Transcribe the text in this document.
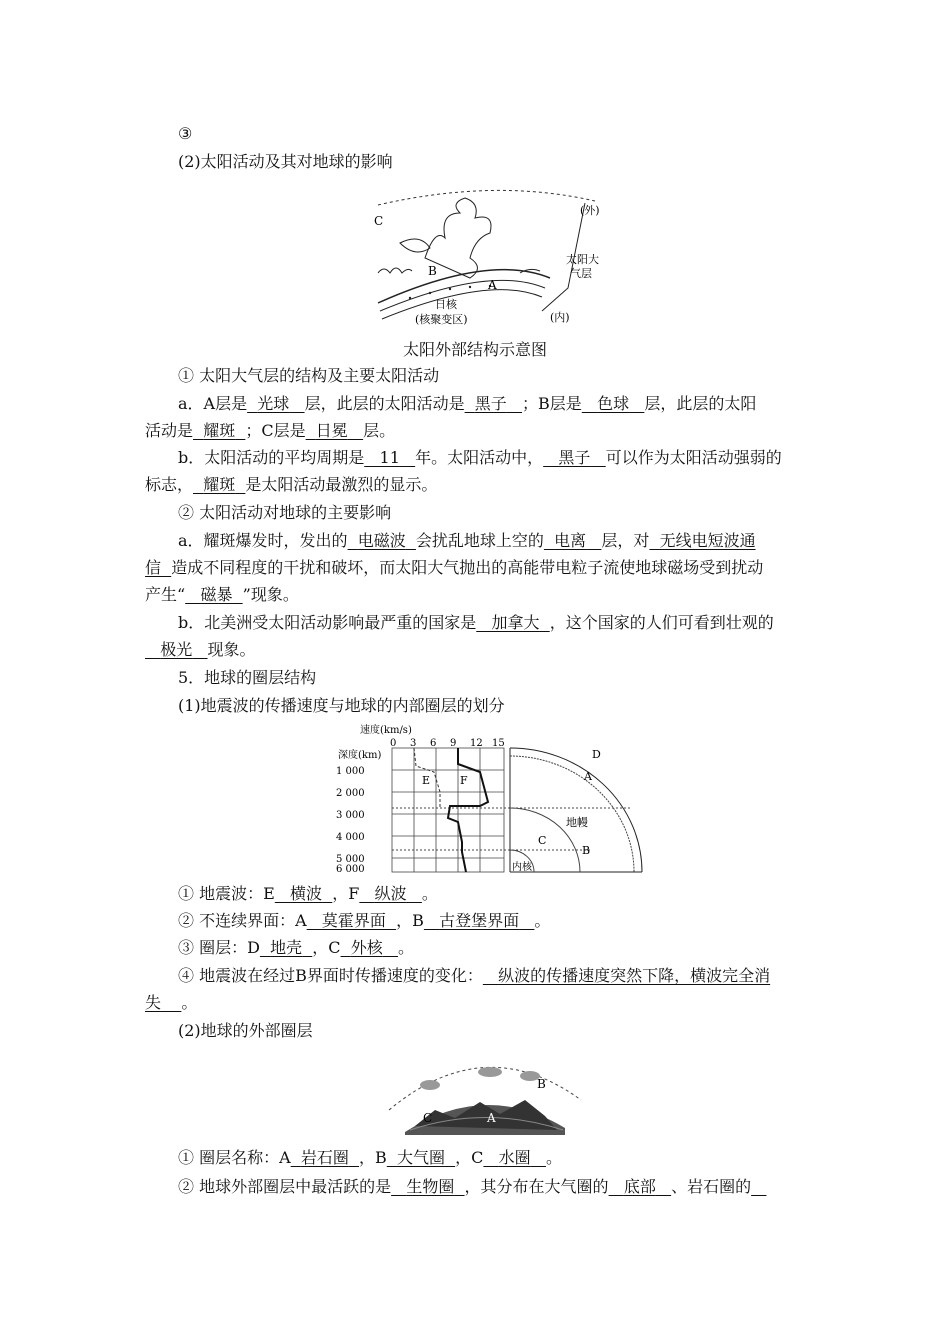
③
(2)太阳活动及其对地球的影响
C
B
A
(外)
太阳大
气层
(内)
日核
(核聚变区)
太阳外部结构示意图
① 太阳大气层的结构及主要太阳活动
a．A层是 光球 层，此层的太阳活动是 黑子 ；B层是 色球 层，此层的太阳
活动是 耀斑 ；C层是 日冕 层。
b．太阳活动的平均周期是 11 年。太阳活动中， 黑子 可以作为太阳活动强弱的
标志， 耀斑 是太阳活动最激烈的显示。
② 太阳活动对地球的主要影响
a．耀斑爆发时，发出的 电磁波 会扰乱地球上空的 电离 层，对 无线电短波通
信 造成不同程度的干扰和破坏，而太阳大气抛出的高能带电粒子流使地球磁场受到扰动
产生“ 磁暴 ”现象。
b．北美洲受太阳活动影响最严重的国家是 加拿大 ，这个国家的人们可看到壮观的
极光 现象。
5．地球的圈层结构
(1)地震波的传播速度与地球的内部圈层的划分
速度(km/s)
0 3 6 9 12 15
深度(km)
1 000
2 000
3 000
4 000
5 000
6 000
E	F
D
A
地幔
C
B
内核
① 地震波：E 横波 ，F 纵波 。
② 不连续界面：A 莫霍界面 ，B 古登堡界面 。
③ 圈层：D 地壳 ，C 外核 。
④ 地震波在经过B界面时传播速度的变化： 纵波的传播速度突然下降，横波完全消
失 。
(2)地球的外部圈层
B
C	A
① 圈层名称：A 岩石圈 ，B 大气圈 ，C 水圈 。
② 地球外部圈层中最活跃的是 生物圈 ，其分布在大气圈的 底部 、岩石圈的
